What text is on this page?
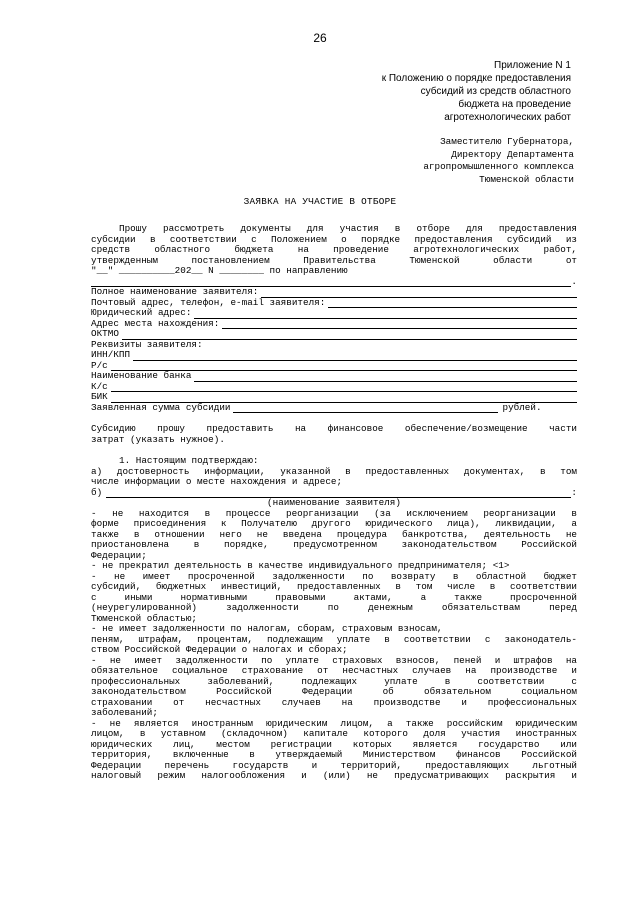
26
Приложение N 1
к Положению о порядке предоставления
субсидий из средств областного
бюджета на проведение
агротехнологических работ
Заместителю Губернатора,
Директору Департамента
агропромышленного комплекса
Тюменской области
ЗАЯВКА НА УЧАСТИЕ В ОТБОРЕ
Прошу рассмотреть документы для участия в отборе для предоставления
субсидии в соответствии с Положением о порядке предоставления субсидий из
средств областного бюджета на проведение агротехнологических работ,
утвержденным постановлением Правительства Тюменской области от
"__" __________202__ N ________ по направлению
.
Полное наименование заявителя:
Почтовый адрес, телефон, e-mail заявителя:
Юридический адрес:
Адрес места нахождения:
ОКТМО
Реквизиты заявителя:
ИНН/КПП
Р/с
Наименование банка
К/с
БИК
Заявленная сумма субсидии	рублей.
Субсидию прошу предоставить на финансовое обеспечение/возмещение части
затрат (указать нужное).
1. Настоящим подтверждаю:
а) достоверность информации, указанной в предоставленных документах, в том
числе информации о месте нахождения и адресе;
б)	:
(наименование заявителя)
- не находится в процессе реорганизации (за исключением реорганизации в
форме присоединения к Получателю другого юридического лица), ликвидации, а
также в отношении него не введена процедура банкротства, деятельность не
приостановлена в порядке, предусмотренном законодательством Российской
Федерации;
- не прекратил деятельность в качестве индивидуального предпринимателя; <1>
- не имеет просроченной задолженности по возврату в областной бюджет
субсидий, бюджетных инвестиций, предоставленных в том числе в соответствии
с иными нормативными правовыми актами, а также просроченной
(неурегулированной) задолженности по денежным обязательствам перед
Тюменской областью;
- не имеет задолженности по налогам, сборам, страховым взносам,
пеням, штрафам, процентам, подлежащим уплате в соответствии с законодатель-
ством Российской Федерации о налогах и сборах;
- не имеет задолженности по уплате страховых взносов, пеней и штрафов на
обязательное социальное страхование от несчастных случаев на производстве и
профессиональных заболеваний, подлежащих уплате в соответствии с
законодательством Российской Федерации об обязательном социальном
страховании от несчастных случаев на производстве и профессиональных
заболеваний;
- не является иностранным юридическим лицом, а также российским юридическим
лицом, в уставном (складочном) капитале которого доля участия иностранных
юридических лиц, местом регистрации которых является государство или
территория, включенные в утверждаемый Министерством финансов Российской
Федерации перечень государств и территорий, предоставляющих льготный
налоговый режим налогообложения и (или) не предусматривающих раскрытия и
